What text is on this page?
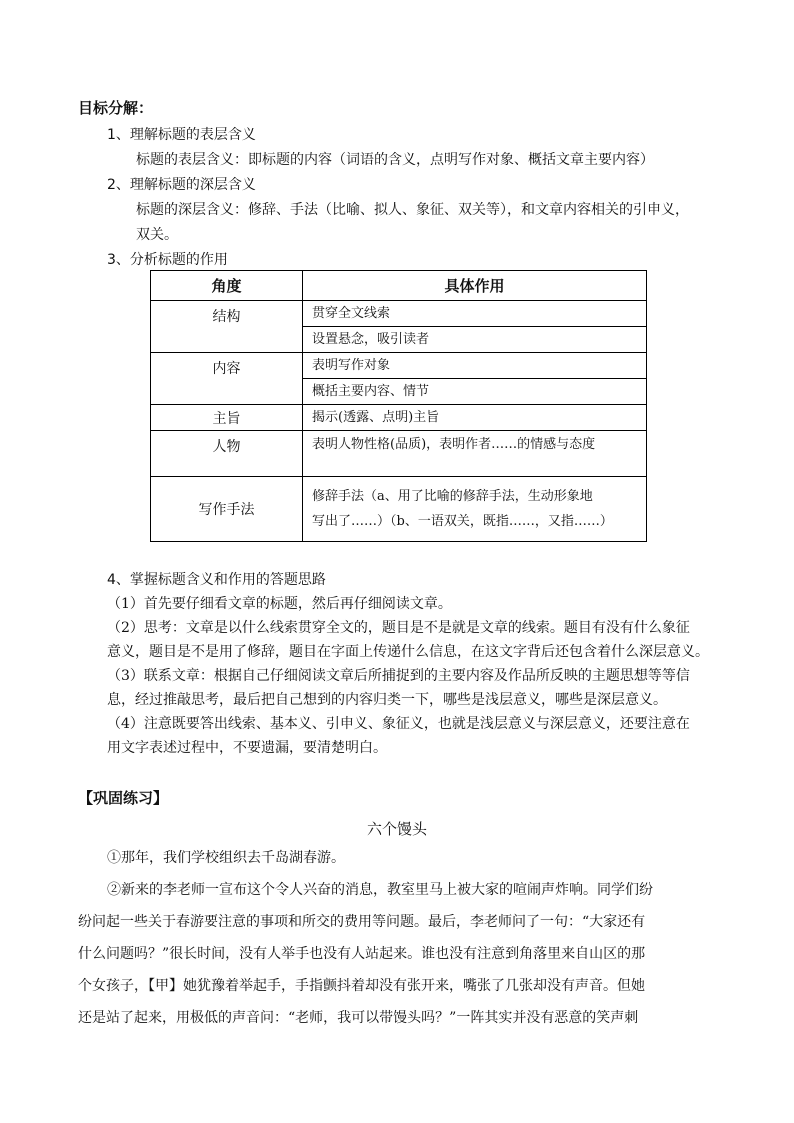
目标分解：
1、理解标题的表层含义
标题的表层含义：即标题的内容（词语的含义，点明写作对象、概括文章主要内容）
2、理解标题的深层含义
标题的深层含义：修辞、手法（比喻、拟人、象征、双关等），和文章内容相关的引申义，
双关。
3、分析标题的作用
角度	具体作用
结构	贯穿全文线索
	设置悬念，吸引读者
内容	表明写作对象
	概括主要内容、情节
主旨	揭示(透露、点明)主旨
人物	表明人物性格(品质)，表明作者……的情感与态度
写作手法	修辞手法（a、用了比喻的修辞手法，生动形象地
写出了……）（b、一语双关，既指……，又指……）
4、掌握标题含义和作用的答题思路
（1）首先要仔细看文章的标题，然后再仔细阅读文章。
（2）思考：文章是以什么线索贯穿全文的，题目是不是就是文章的线索。题目有没有什么象征
意义，题目是不是用了修辞，题目在字面上传递什么信息，在这文字背后还包含着什么深层意义。
（3）联系文章：根据自己仔细阅读文章后所捕捉到的主要内容及作品所反映的主题思想等等信
息，经过推敲思考，最后把自己想到的内容归类一下，哪些是浅层意义，哪些是深层意义。
（4）注意既要答出线索、基本义、引申义、象征义，也就是浅层意义与深层意义，还要注意在
用文字表述过程中，不要遗漏，要清楚明白。
【巩固练习】
六个馒头
①那年，我们学校组织去千岛湖春游。
②新来的李老师一宣布这个令人兴奋的消息，教室里马上被大家的喧闹声炸响。同学们纷
纷问起一些关于春游要注意的事项和所交的费用等问题。最后，李老师问了一句：“大家还有
什么问题吗？”很长时间，没有人举手也没有人站起来。谁也没有注意到角落里来自山区的那
个女孩子，【甲】她犹豫着举起手，手指颤抖着却没有张开来，嘴张了几张却没有声音。但她
还是站了起来，用极低的声音问：“老师，我可以带馒头吗？”一阵其实并没有恶意的笑声刺
